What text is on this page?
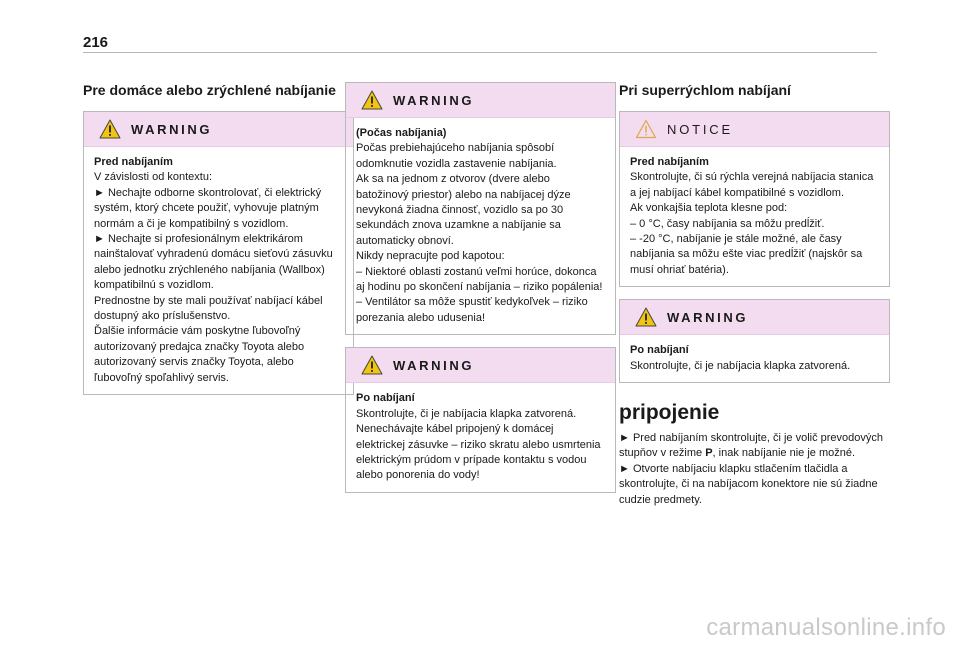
216
Pre domáce alebo zrýchlené nabíjanie
WARNING

Pred nabíjaním

V závislosti od kontextu:

► Nechajte odborne skontrolovať, či elektrický systém, ktorý chcete použiť, vyhovuje platným normám a či je kompatibilný s vozidlom.

► Nechajte si profesionálnym elektrikárom nainštalovať vyhradenú domácu sieťovú zásuvku alebo jednotku zrýchleného nabíjania (Wallbox) kompatibilnú s vozidlom.

Prednostne by ste mali používať nabíjací kábel dostupný ako príslušenstvo.

Ďalšie informácie vám poskytne ľubovoľný autorizovaný predajca značky Toyota alebo autorizovaný servis značky Toyota, alebo ľubovoľný spoľahlivý servis.

WARNING

(Počas nabíjania)

Počas prebiehajúceho nabíjania spôsobí odomknutie vozidla zastavenie nabíjania.

Ak sa na jednom z otvorov (dvere alebo batožinový priestor) alebo na nabíjacej dýze nevykoná žiadna činnosť, vozidlo sa po 30 sekundách znova uzamkne a nabíjanie sa automaticky obnoví.

Nikdy nepracujte pod kapotou:

– Niektoré oblasti zostanú veľmi horúce, dokonca aj hodinu po skončení nabíjania – riziko popálenia!

– Ventilátor sa môže spustiť kedykoľvek – riziko porezania alebo udusenia!

WARNING

Po nabíjaní

Skontrolujte, či je nabíjacia klapka zatvorená.

Nenechávajte kábel pripojený k domácej elektrickej zásuvke – riziko skratu alebo usmrtenia elektrickým prúdom v prípade kontaktu s vodou alebo ponorenia do vody!

Pri superrýchlom nabíjaní
NOTICE

Pred nabíjaním

Skontrolujte, či sú rýchla verejná nabíjacia stanica a jej nabíjací kábel kompatibilné s vozidlom.

Ak vonkajšia teplota klesne pod:

– 0 °C, časy nabíjania sa môžu predĺžiť.

– -20 °C, nabíjanie je stále možné, ale časy nabíjania sa môžu ešte viac predĺžiť (najskôr sa musí ohriať batéria).

WARNING

Po nabíjaní

Skontrolujte, či je nabíjacia klapka zatvorená.

pripojenie

► Pred nabíjaním skontrolujte, či je volič prevodových stupňov v režime P, inak nabíjanie nie je možné.

► Otvorte nabíjaciu klapku stlačením tlačidla a skontrolujte, či na nabíjacom konektore nie sú žiadne cudzie predmety.

carmanualsonline.info
